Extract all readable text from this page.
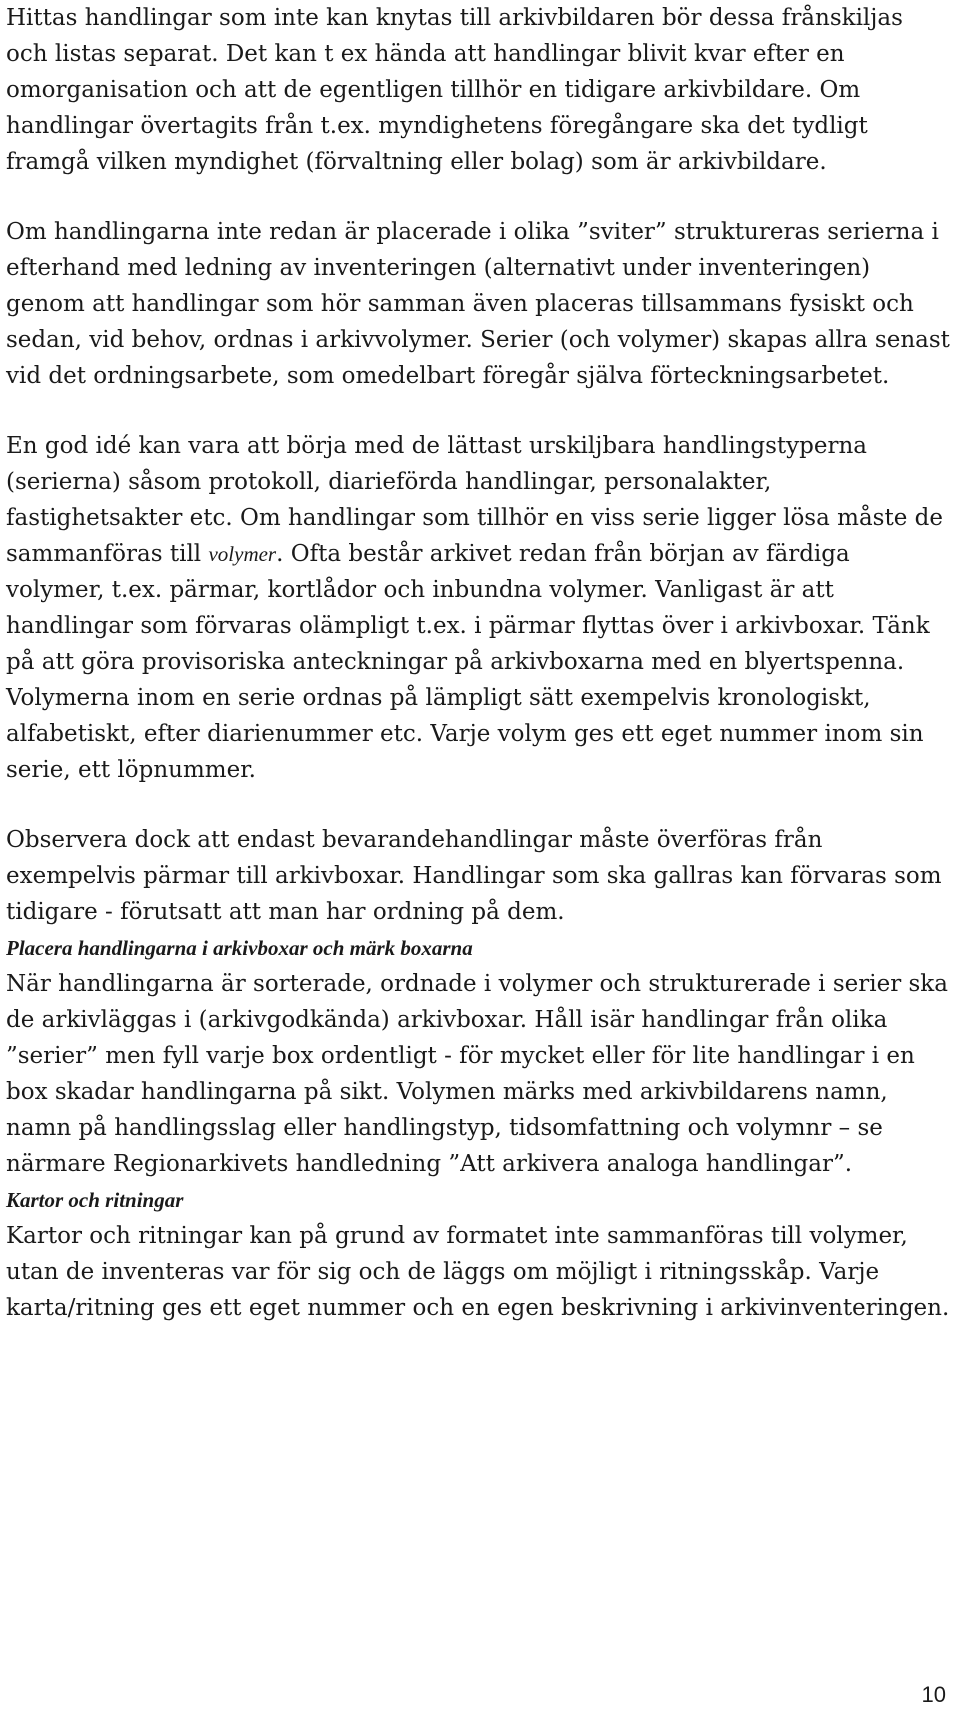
Hittas handlingar som inte kan knytas till arkivbildaren bör dessa frånskiljas och listas separat. Det kan t ex hända att handlingar blivit kvar efter en omorganisation och att de egentligen tillhör en tidigare arkivbildare. Om handlingar övertagits från t.ex. myndighetens föregångare ska det tydligt framgå vilken myndighet (förvaltning eller bolag) som är arkivbildare.

Om handlingarna inte redan är placerade i olika ”sviter” struktureras serierna i efterhand med ledning av inventeringen (alternativt under inventeringen) genom att handlingar som hör samman även placeras tillsammans fysiskt och sedan, vid behov, ordnas i arkivvolymer. Serier (och volymer) skapas allra senast vid det ordningsarbete, som omedelbart föregår själva förteckningsarbetet.

En god idé kan vara att börja med de lättast urskiljbara handlingstyperna (serierna) såsom protokoll, diarieförda handlingar, personalakter, fastighetsakter etc. Om handlingar som tillhör en viss serie ligger lösa måste de sammanföras till volymer. Ofta består arkivet redan från början av färdiga volymer, t.ex. pärmar, kortlådor och inbundna volymer. Vanligast är att handlingar som förvaras olämpligt t.ex. i pärmar flyttas över i arkivboxar. Tänk på att göra provisoriska anteckningar på arkivboxarna med en blyertspenna. Volymerna inom en serie ordnas på lämpligt sätt exempelvis kronologiskt, alfabetiskt, efter diarienummer etc. Varje volym ges ett eget nummer inom sin serie, ett löpnummer.

Observera dock att endast bevarandehandlingar måste överföras från exempelvis pärmar till arkivboxar. Handlingar som ska gallras kan förvaras som tidigare - förutsatt att man har ordning på dem.

Placera handlingarna i arkivboxar och märk boxarna

När handlingarna är sorterade, ordnade i volymer och strukturerade i serier ska de arkivläggas i (arkivgodkända) arkivboxar. Håll isär handlingar från olika ”serier” men fyll varje box ordentligt - för mycket eller för lite handlingar i en box skadar handlingarna på sikt. Volymen märks med arkivbildarens namn, namn på handlingsslag eller handlingstyp, tidsomfattning och volymnr – se närmare Regionarkivets handledning ”Att arkivera analoga handlingar”.

Kartor och ritningar

Kartor och ritningar kan på grund av formatet inte sammanföras till volymer, utan de inventeras var för sig och de läggs om möjligt i ritningsskåp. Varje karta/ritning ges ett eget nummer och en egen beskrivning i arkivinventeringen.

10
